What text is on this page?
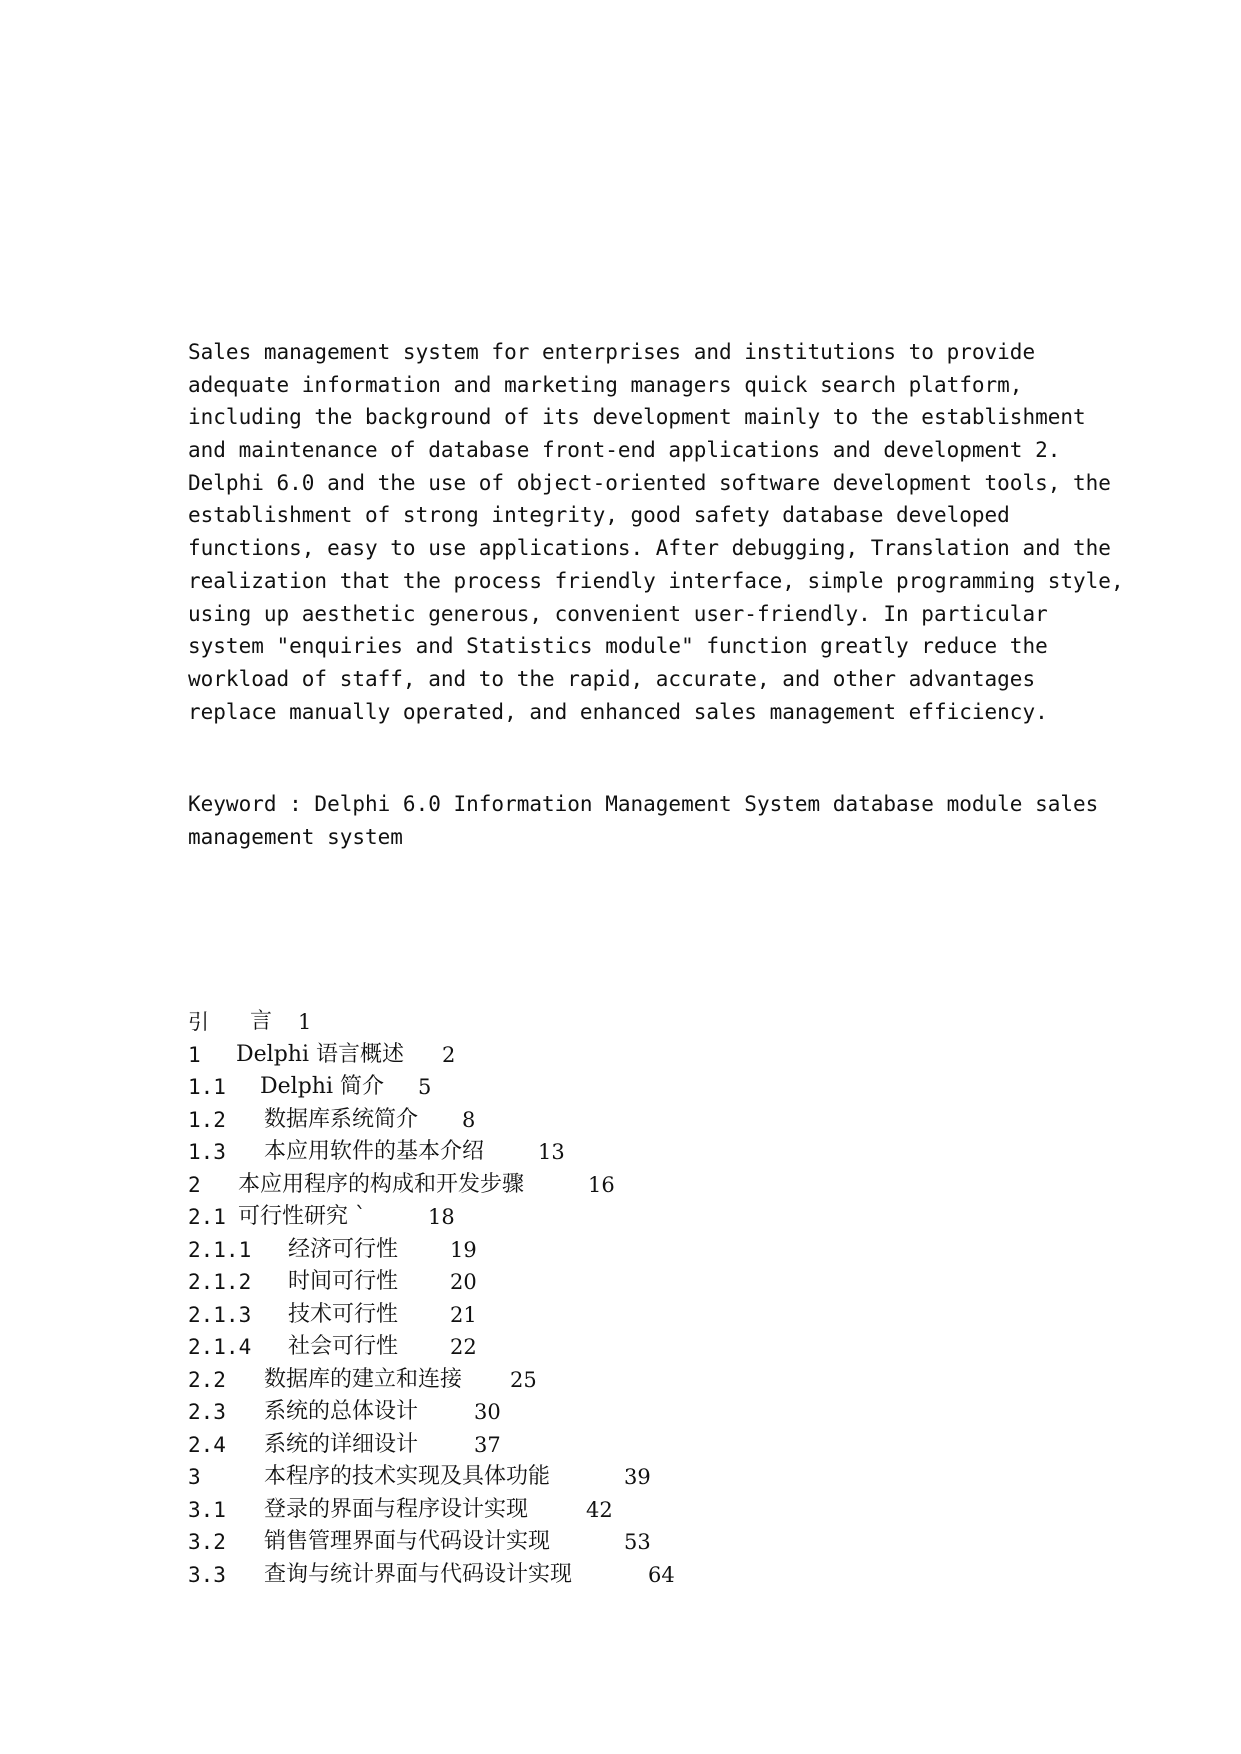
Sales management system for enterprises and institutions to provide
adequate information and marketing managers quick search platform,
including the background of its development mainly to the establishment
and maintenance of database front-end applications and development 2.
Delphi 6.0 and the use of object-oriented software development tools, the
establishment of strong integrity, good safety database developed
functions, easy to use applications. After debugging, Translation and the
realization that the process friendly interface, simple programming style,
using up aesthetic generous, convenient user-friendly. In particular
system "enquiries and Statistics module" function greatly reduce the
workload of staff, and to the rapid, accurate, and other advantages
replace manually operated, and enhanced sales management efficiency.
Keyword : Delphi 6.0 Information Management System database module sales
management system
引 言 1
1 Delphi 语言概述 2
1.1 Delphi 简介 5
1.2 数据库系统简介 8
1.3 本应用软件的基本介绍	13
2 本应用程序的构成和开发步骤	16
2.1 可行性研究 `	18
2.1.1 经济可行性 19
2.1.2 时间可行性 20
2.1.3 技术可行性 21
2.1.4 社会可行性 22
2.2 数据库的建立和连接 25
2.3 系统的总体设计	30
2.4 系统的详细设计	37
3	本程序的技术实现及具体功能	39
3.1 登录的界面与程序设计实现	42
3.2 销售管理界面与代码设计实现	53
3.3 查询与统计界面与代码设计实现	64
